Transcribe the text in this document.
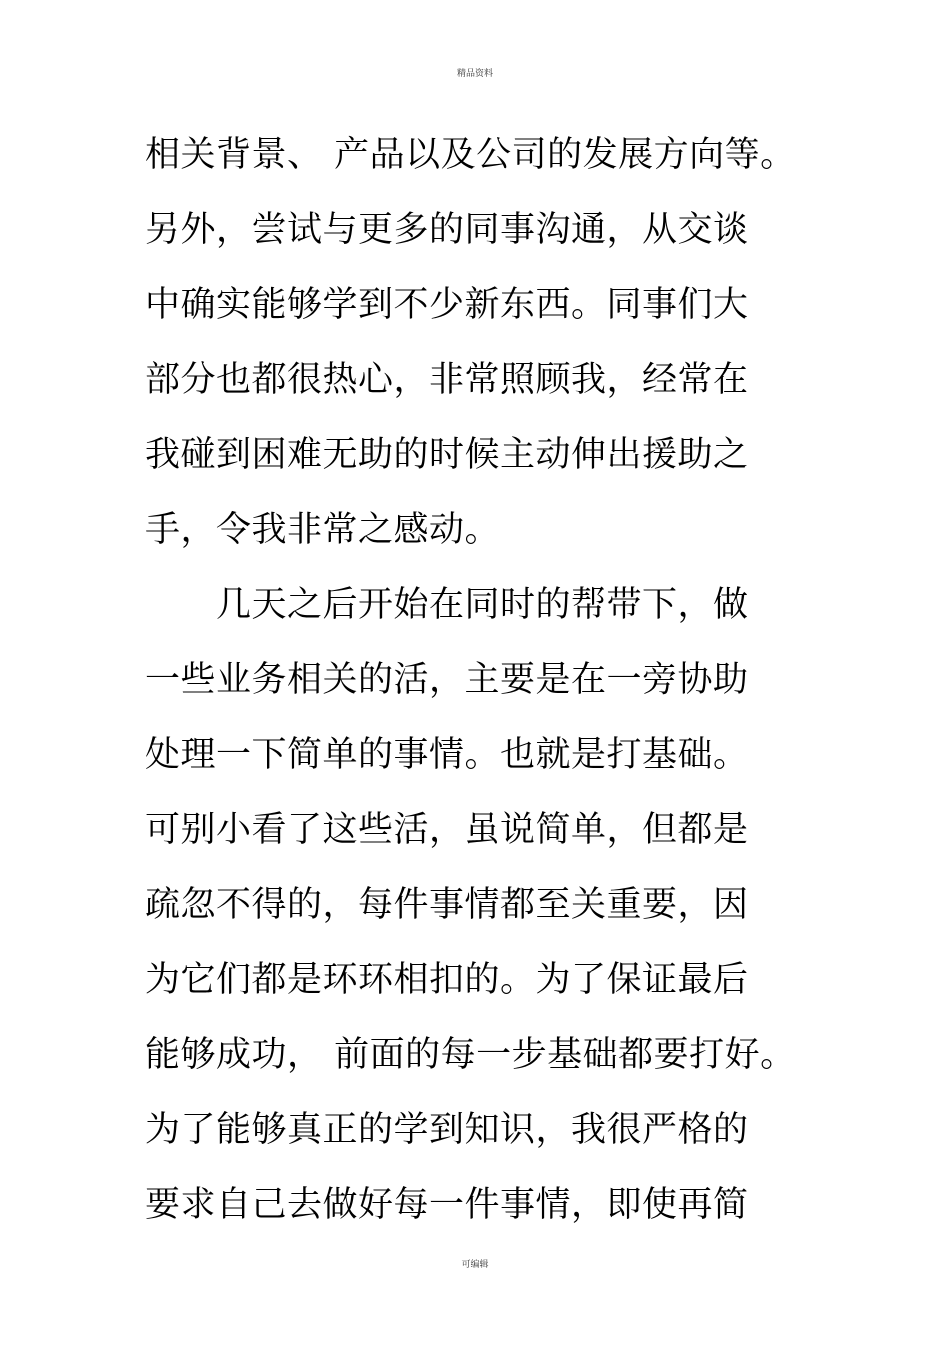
精品资料
相关背景、 产品以及公司的发展方向等。
另外，尝试与更多的同事沟通，从交谈
中确实能够学到不少新东西。同事们大
部分也都很热心，非常照顾我，经常在
我碰到困难无助的时候主动伸出援助之
手，令我非常之感动。
　　几天之后开始在同时的帮带下，做
一些业务相关的活，主要是在一旁协助
处理一下简单的事情。也就是打基础。
可别小看了这些活，虽说简单，但都是
疏忽不得的，每件事情都至关重要，因
为它们都是环环相扣的。为了保证最后
能够成功， 前面的每一步基础都要打好。
为了能够真正的学到知识，我很严格的
要求自己去做好每一件事情，即使再简
可编辑
